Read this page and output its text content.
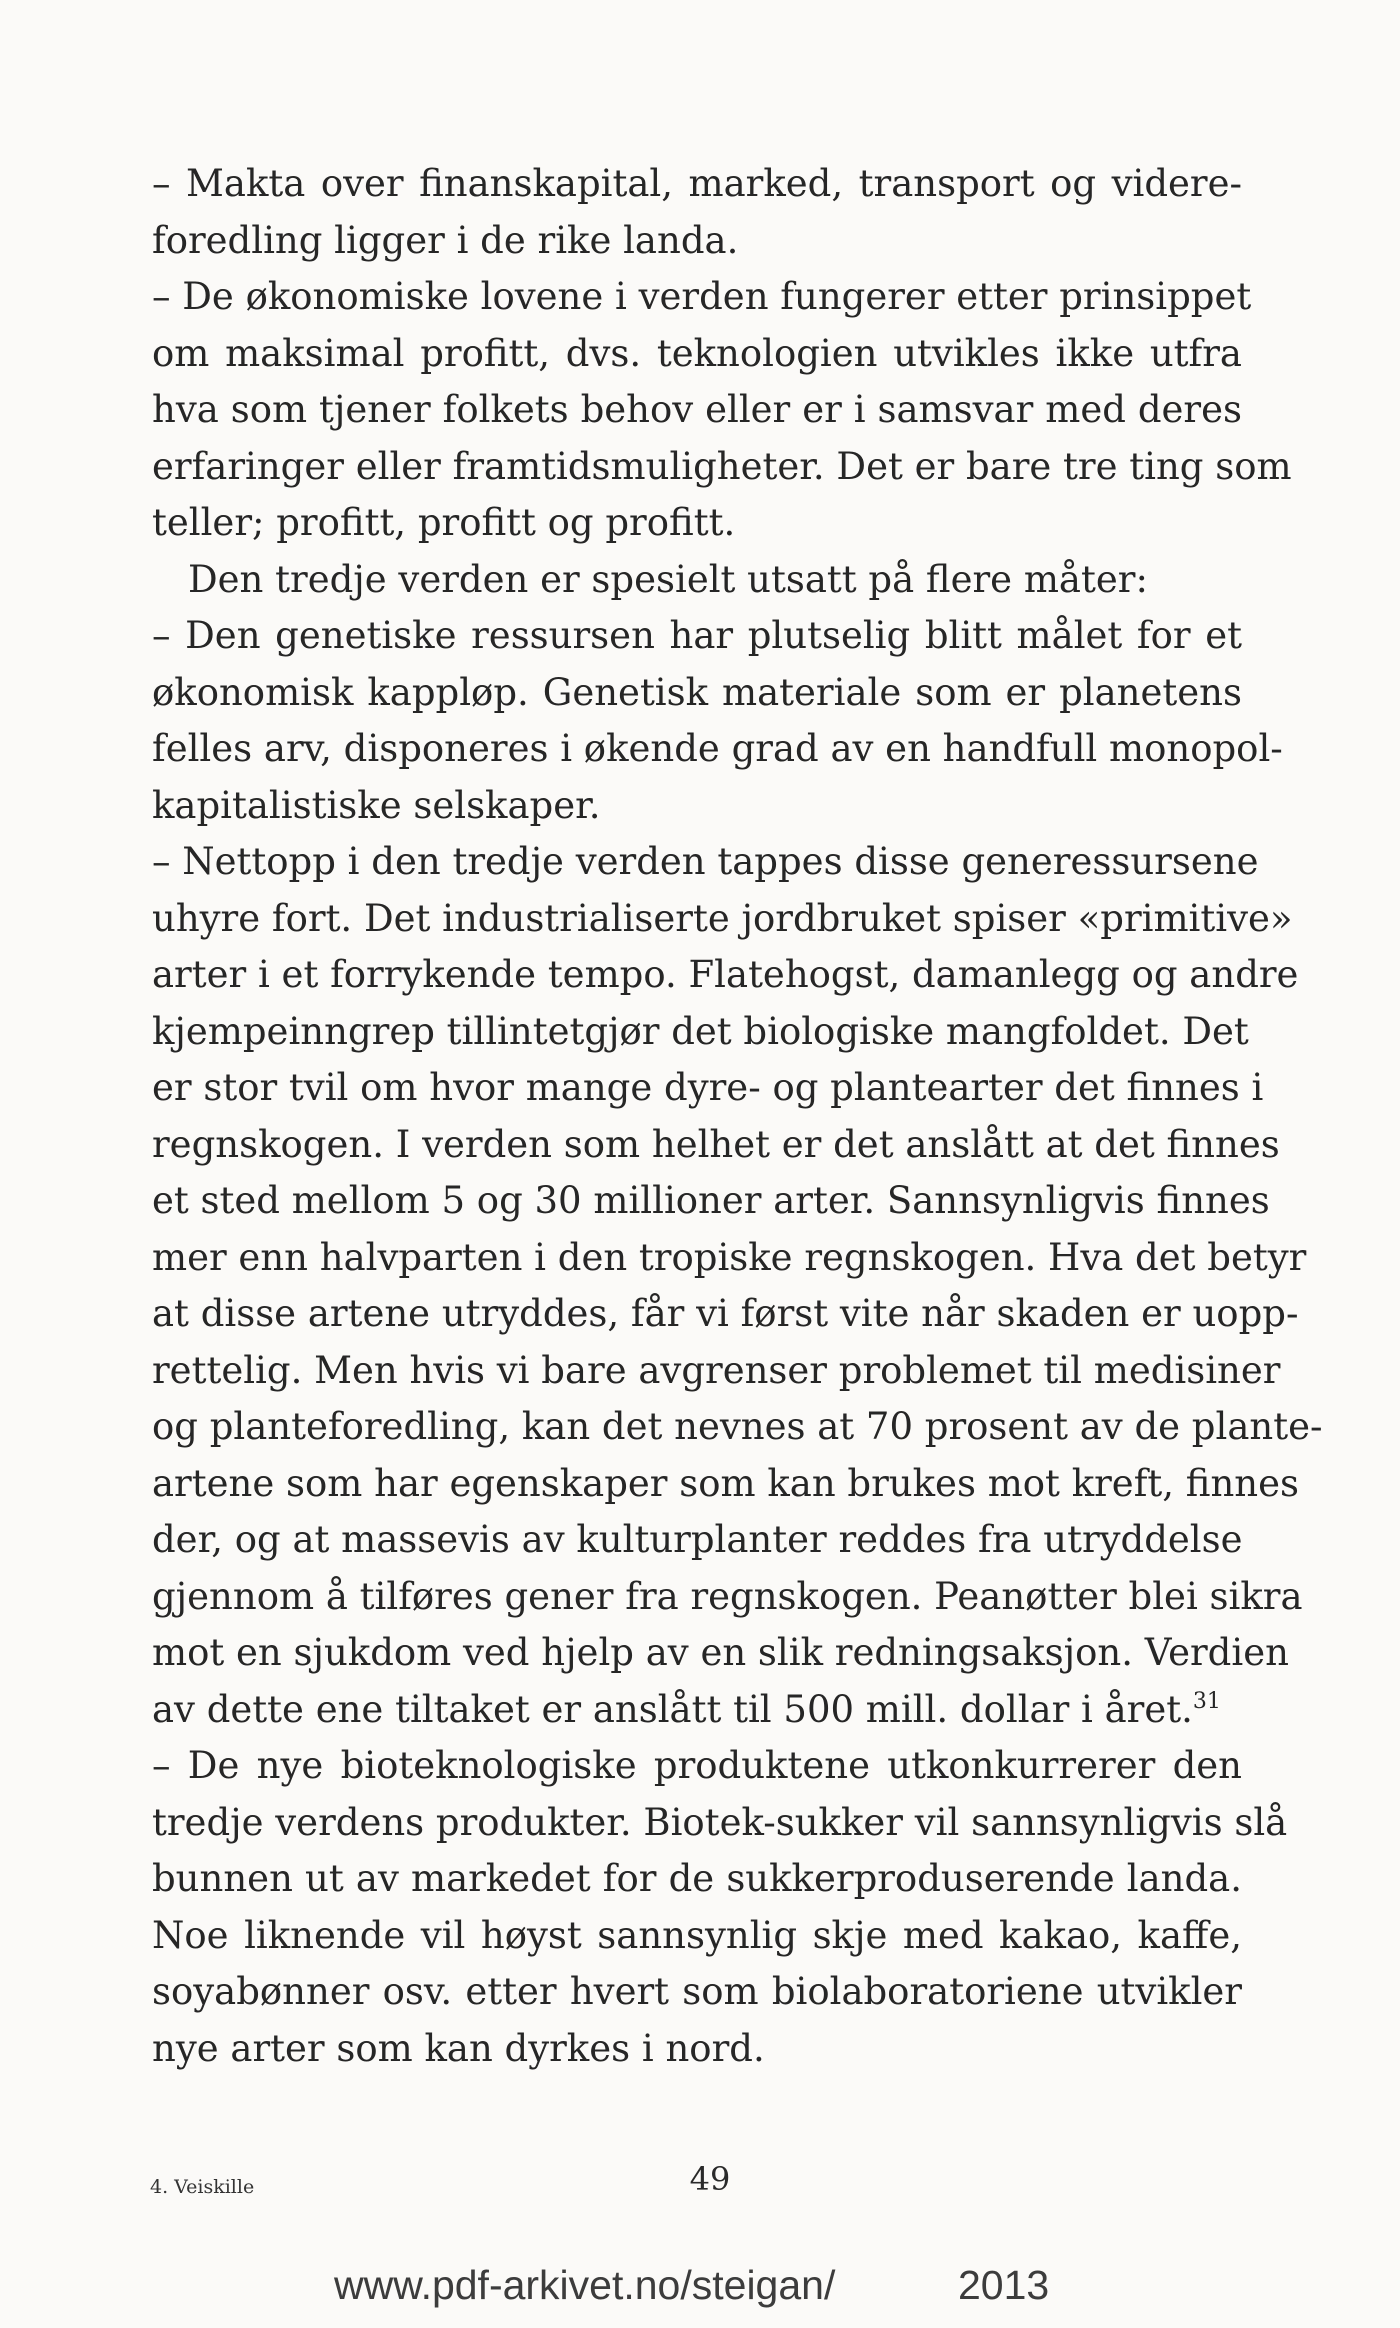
– Makta over finanskapital, marked, transport og videre-
foredling ligger i de rike landa.
– De økonomiske lovene i verden fungerer etter prinsippet
om maksimal profitt, dvs. teknologien utvikles ikke utfra
hva som tjener folkets behov eller er i samsvar med deres
erfaringer eller framtidsmuligheter. Det er bare tre ting som
teller; profitt, profitt og profitt.
Den tredje verden er spesielt utsatt på flere måter:
– Den genetiske ressursen har plutselig blitt målet for et
økonomisk kappløp. Genetisk materiale som er planetens
felles arv, disponeres i økende grad av en handfull monopol-
kapitalistiske selskaper.
– Nettopp i den tredje verden tappes disse generessursene
uhyre fort. Det industrialiserte jordbruket spiser «primitive»
arter i et forrykende tempo. Flatehogst, damanlegg og andre
kjempeinngrep tillintetgjør det biologiske mangfoldet. Det
er stor tvil om hvor mange dyre- og plantearter det finnes i
regnskogen. I verden som helhet er det anslått at det finnes
et sted mellom 5 og 30 millioner arter. Sannsynligvis finnes
mer enn halvparten i den tropiske regnskogen. Hva det betyr
at disse artene utryddes, får vi først vite når skaden er uopp-
rettelig. Men hvis vi bare avgrenser problemet til medisiner
og planteforedling, kan det nevnes at 70 prosent av de plante-
artene som har egenskaper som kan brukes mot kreft, finnes
der, og at massevis av kulturplanter reddes fra utryddelse
gjennom å tilføres gener fra regnskogen. Peanøtter blei sikra
mot en sjukdom ved hjelp av en slik redningsaksjon. Verdien
av dette ene tiltaket er anslått til 500 mill. dollar i året.$^{31}$
– De nye bioteknologiske produktene utkonkurrerer den
tredje verdens produkter. Biotek-sukker vil sannsynligvis slå
bunnen ut av markedet for de sukkerproduserende landa.
Noe liknende vil høyst sannsynlig skje med kakao, kaffe,
soyabønner osv. etter hvert som biolaboratoriene utvikler
nye arter som kan dyrkes i nord.
4. Veiskille	49
www.pdf-arkivet.no/steigan/	2013
